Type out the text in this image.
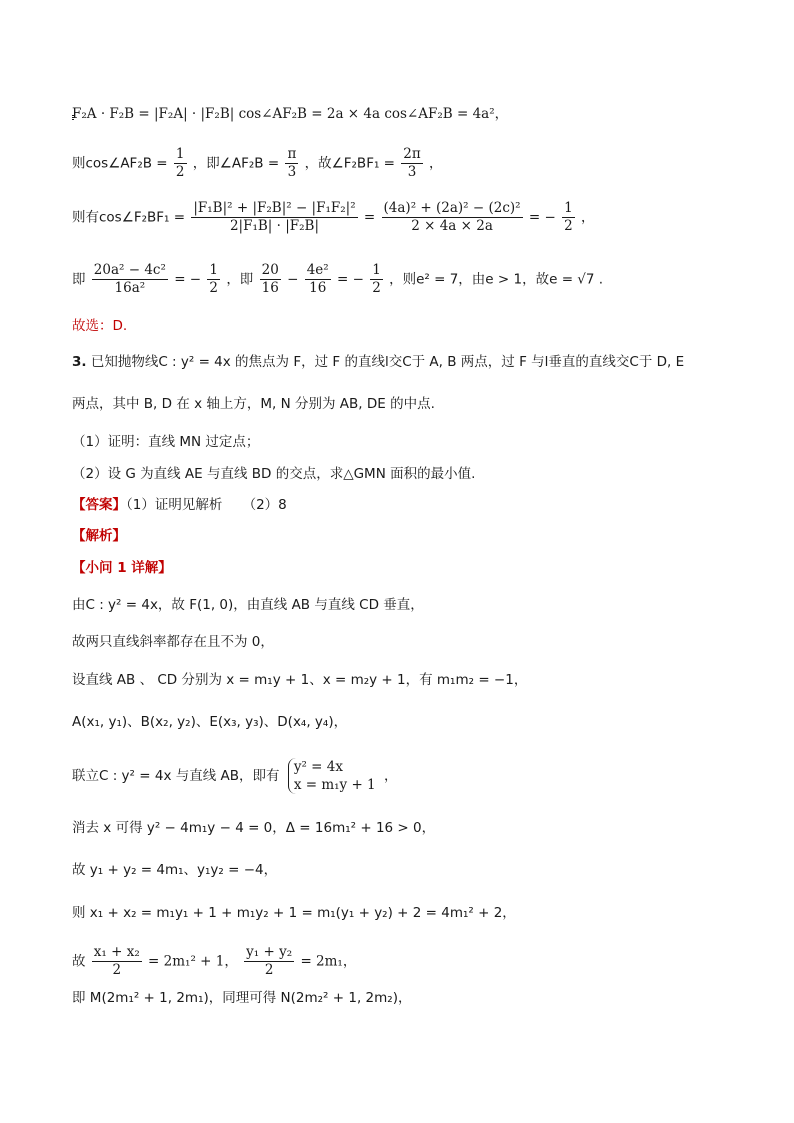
F₂A · F₂B = |F₂A| · |F₂B| cos∠AF₂B = 2a × 4a cos∠AF₂B = 4a²，
则cos∠AF₂B = $\frac{1}{2}$ ，即∠AF₂B = $\frac{\pi}{3}$ ，故∠F₂BF₁ = $\frac{2\pi}{3}$ ，
则有cos∠F₂BF₁ = $\frac{\text{|F₁B|² + |F₂B|² − |F₁F₂|²}}{\text{2|F₁B| · |F₂B|}} = \frac{\text{(4a)² + (2a)² − (2c)²}}{2 \times 4a \times 2a}$ = − $\frac{1}{2}$ ，
即 $\frac{\text{20a² − 4c²}}{\text{16a²}}$ = − $\frac{1}{2}$ ，即 $\frac{20}{16} - \frac{\text{4e²}}{16}$ = − $\frac{1}{2}$ ，则e² = 7，由e > 1，故e = √7 .
故选：D.
3. 已知抛物线C : y² = 4x 的焦点为 F，过 F 的直线l交C于 A, B 两点，过 F 与l垂直的直线交C于 D, E
两点，其中 B, D 在 x 轴上方，M, N 分别为 AB, DE 的中点.
（1）证明：直线 MN 过定点；
（2）设 G 为直线 AE 与直线 BD 的交点，求△GMN 面积的最小值.
【答案】（1）证明见解析　　（2）8
【解析】
【小问 1 详解】
由C : y² = 4x，故 F(1, 0)，由直线 AB 与直线 CD 垂直，
故两只直线斜率都存在且不为 0，
设直线 AB 、 CD 分别为 x = m₁y + 1、x = m₂y + 1，有 m₁m₂ = −1，
A(x₁, y₁)、B(x₂, y₂)、E(x₃, y₃)、D(x₄, y₄)，
联立C : y² = 4x 与直线 AB，即有
y² = 4x
x = m₁y + 1
，
消去 x 可得 y² − 4m₁y − 4 = 0，Δ = 16m₁² + 16 > 0，
故 y₁ + y₂ = 4m₁、y₁y₂ = −4，
则 x₁ + x₂ = m₁y₁ + 1 + m₁y₂ + 1 = m₁(y₁ + y₂) + 2 = 4m₁² + 2，
故 $\frac{\text{x₁ + x₂}}{2} = 2m_1^2 + 1$， $\frac{\text{y₁ + y₂}}{2} = 2m_1$，
即 M(2m₁² + 1, 2m₁)，同理可得 N(2m₂² + 1, 2m₂)，
